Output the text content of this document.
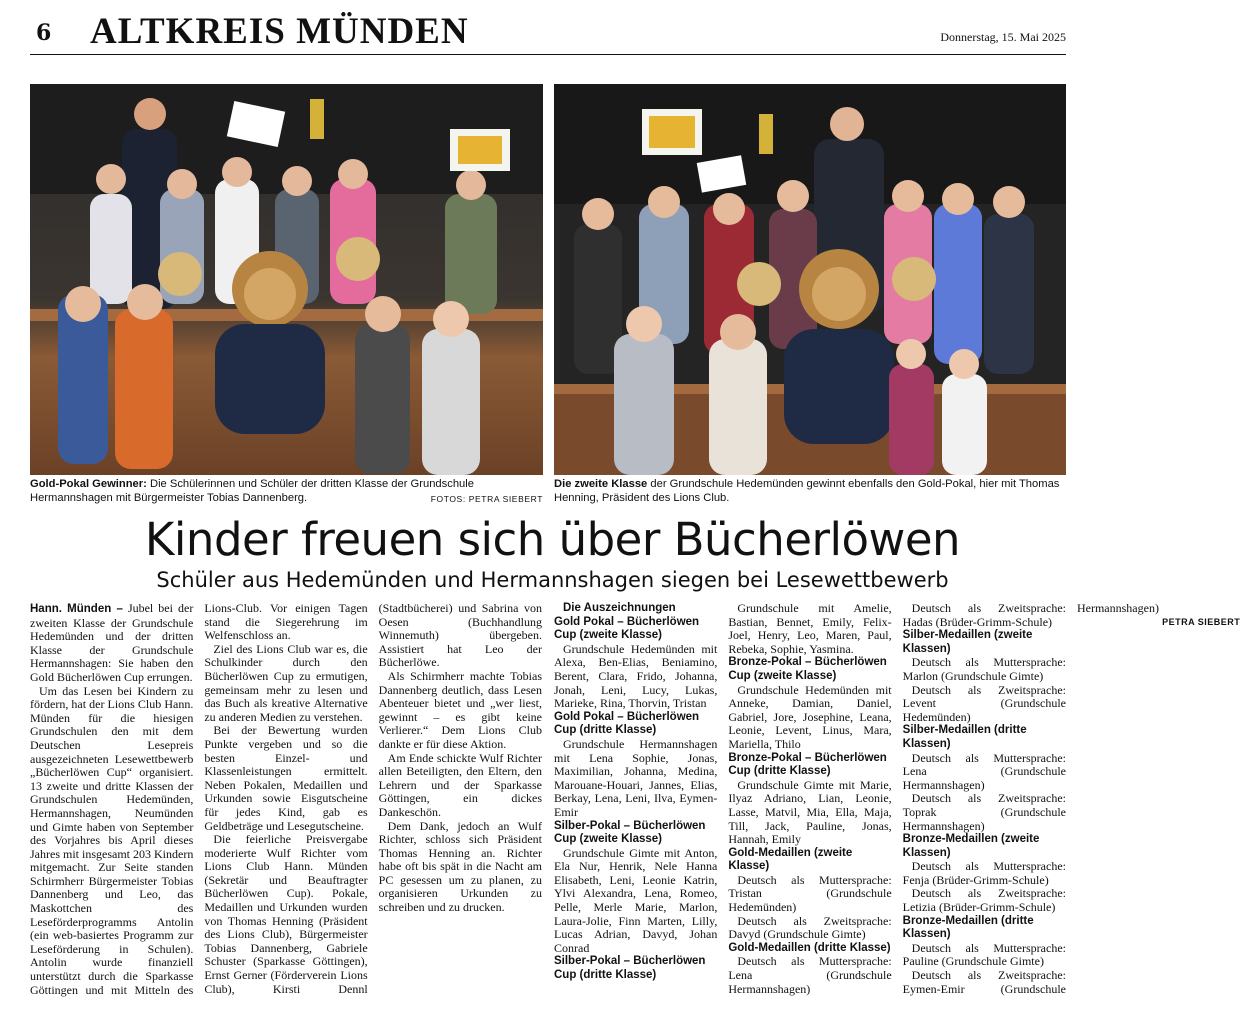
6 ALTKREIS MÜNDEN	Donnerstag, 15. Mai 2025
Gold-Pokal Gewinner: Die Schülerinnen und Schüler der dritten Klasse der Grundschule Hermannshagen mit Bürgermeister Tobias Dannenberg.	FOTOS: PETRA SIEBERT
Die zweite Klasse der Grundschule Hedemünden gewinnt ebenfalls den Gold-Pokal, hier mit Thomas Henning, Präsident des Lions Club.
Kinder freuen sich über Bücherlöwen
Schüler aus Hedemünden und Hermannshagen siegen bei Lesewettbewerb

Hann. Münden – Jubel bei der zweiten Klasse der Grundschule Hedemünden und der dritten Klasse der Grundschule Hermannshagen: Sie haben den Gold Bücherlöwen Cup errungen.

Um das Lesen bei Kindern zu fördern, hat der Lions Club Hann. Münden für die hiesigen Grundschulen den mit dem Deutschen Lesepreis ausgezeichneten Lesewettbewerb „Bücherlöwen Cup“ organisiert. 13 zweite und dritte Klassen der Grundschulen Hedemünden, Hermannshagen, Neumünden und Gimte haben von September des Vorjahres bis April dieses Jahres mit insgesamt 203 Kindern mitgemacht. Zur Seite standen Schirmherr Bürgermeister Tobias Dannenberg und Leo, das Maskottchen des Leseförderprogramms Antolin (ein web-basiertes Programm zur Leseförderung in Schulen). Antolin wurde finanziell unterstützt durch die Sparkasse Göttingen und mit Mitteln des Lions-Club. Vor einigen Tagen stand die Siegerehrung im Welfenschloss an.

Ziel des Lions Club war es, die Schulkinder durch den Bücherlöwen Cup zu ermutigen, gemeinsam mehr zu lesen und das Buch als kreative Alternative zu anderen Medien zu verstehen.

Bei der Bewertung wurden Punkte vergeben und so die besten Einzel- und Klassenleistungen ermittelt. Neben Pokalen, Medaillen und Urkunden sowie Eisgutscheine für jedes Kind, gab es Geldbeträge und Lesegutscheine.

Die feierliche Preisvergabe moderierte Wulf Richter vom Lions Club Hann. Münden (Sekretär und Beauftragter Bücherlöwen Cup). Pokale, Medaillen und Urkunden wurden von Thomas Henning (Präsident des Lions Club), Bürgermeister Tobias Dannenberg, Gabriele Schuster (Sparkasse Göttingen), Ernst Gerner (Förderverein Lions Club), Kirsti Dennl (Stadtbücherei) und Sabrina von Oesen (Buchhandlung Winnemuth) übergeben. Assistiert hat Leo der Bücherlöwe.

Als Schirmherr machte Tobias Dannenberg deutlich, dass Lesen Abenteuer bietet und „wer liest, gewinnt – es gibt keine Verlierer.“ Dem Lions Club dankte er für diese Aktion.

Am Ende schickte Wulf Richter allen Beteiligten, den Eltern, den Lehrern und der Sparkasse Göttingen, ein dickes Dankeschön.

Dem Dank, jedoch an Wulf Richter, schloss sich Präsident Thomas Henning an. Richter habe oft bis spät in die Nacht am PC gesessen um zu planen, zu organisieren Urkunden zu schreiben und zu drucken.

Die Auszeichnungen

Gold Pokal – Bücherlöwen Cup (zweite Klasse)

Grundschule Hedemünden mit Alexa, Ben-Elias, Beniamino, Berent, Clara, Frido, Johanna, Jonah, Leni, Lucy, Lukas, Marieke, Rina, Thorvin, Tristan

Gold Pokal – Bücherlöwen Cup (dritte Klasse)

Grundschule Hermannshagen mit Lena Sophie, Jonas, Maximilian, Johanna, Medina, Marouane-Houari, Jannes, Elias, Berkay, Lena, Leni, Ilva, Eymen-Emir

Silber-Pokal – Bücherlöwen Cup (zweite Klasse)

Grundschule Gimte mit Anton, Ela Nur, Henrik, Nele Hanna Elisabeth, Leni, Leonie Katrin, Ylvi Alexandra, Lena, Romeo, Pelle, Merle Marie, Marlon, Laura-Jolie, Finn Marten, Lilly, Lucas Adrian, Davyd, Johan Conrad

Silber-Pokal – Bücherlöwen Cup (dritte Klasse)

Grundschule mit Amelie, Bastian, Bennet, Emily, Felix-Joel, Henry, Leo, Maren, Paul, Rebeka, Sophie, Yasmina.

Bronze-Pokal – Bücherlöwen Cup (zweite Klasse)

Grundschule Hedemünden mit Anneke, Damian, Daniel, Gabriel, Jore, Josephine, Leana, Leonie, Levent, Linus, Mara, Mariella, Thilo

Bronze-Pokal – Bücherlöwen Cup (dritte Klasse)

Grundschule Gimte mit Marie, Ilyaz Adriano, Lian, Leonie, Lasse, Matvil, Mia, Ella, Maja, Till, Jack, Pauline, Jonas, Hannah, Emily

Gold-Medaillen (zweite Klasse)

Deutsch als Muttersprache: Tristan (Grundschule Hedemünden)

Deutsch als Zweitsprache: Davyd (Grundschule Gimte)

Gold-Medaillen (dritte Klasse)

Deutsch als Muttersprache: Lena (Grundschule Hermannshagen)

Deutsch als Zweitsprache: Hadas (Brüder-Grimm-Schule)

Silber-Medaillen (zweite Klassen)

Deutsch als Muttersprache: Marlon (Grundschule Gimte)

Deutsch als Zweitsprache: Levent (Grundschule Hedemünden)

Silber-Medaillen (dritte Klassen)

Deutsch als Muttersprache: Lena (Grundschule Hermannshagen)

Deutsch als Zweitsprache: Toprak (Grundschule Hermannshagen)

Bronze-Medaillen (zweite Klassen)

Deutsch als Muttersprache: Fenja (Brüder-Grimm-Schule)

Deutsch als Zweitsprache: Letizia (Brüder-Grimm-Schule)

Bronze-Medaillen (dritte Klassen)

Deutsch als Muttersprache: Pauline (Grundschule Gimte)

Deutsch als Zweitsprache: Eymen-Emir (Grundschule Hermannshagen)
PETRA SIEBERT
